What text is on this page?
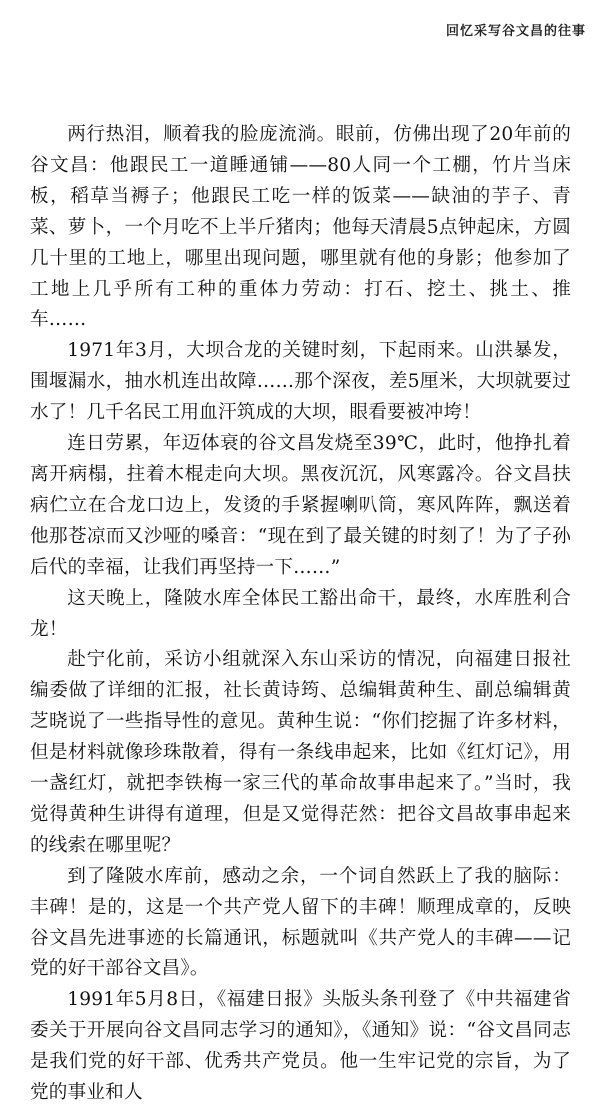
回忆采写谷文昌的往事

两行热泪，顺着我的脸庞流淌。眼前，仿佛出现了20年前的谷文昌：他跟民工一道睡通铺——80人同一个工棚，竹片当床板，稻草当褥子；他跟民工吃一样的饭菜——缺油的芋子、青菜、萝卜，一个月吃不上半斤猪肉；他每天清晨5点钟起床，方圆几十里的工地上，哪里出现问题，哪里就有他的身影；他参加了工地上几乎所有工种的重体力劳动：打石、挖土、挑土、推车……

1971年3月，大坝合龙的关键时刻，下起雨来。山洪暴发，围堰漏水，抽水机连出故障……那个深夜，差5厘米，大坝就要过水了！几千名民工用血汗筑成的大坝，眼看要被冲垮！

连日劳累，年迈体衰的谷文昌发烧至39℃，此时，他挣扎着离开病榻，拄着木棍走向大坝。黑夜沉沉，风寒露冷。谷文昌扶病伫立在合龙口边上，发烫的手紧握喇叭筒，寒风阵阵，飘送着他那苍凉而又沙哑的嗓音：“现在到了最关键的时刻了！为了子孙后代的幸福，让我们再坚持一下……”

这天晚上，隆陂水库全体民工豁出命干，最终，水库胜利合龙！

赴宁化前，采访小组就深入东山采访的情况，向福建日报社编委做了详细的汇报，社长黄诗筠、总编辑黄种生、副总编辑黄芝晓说了一些指导性的意见。黄种生说：“你们挖掘了许多材料，但是材料就像珍珠散着，得有一条线串起来，比如《红灯记》，用一盏红灯，就把李铁梅一家三代的革命故事串起来了。”当时，我觉得黄种生讲得有道理，但是又觉得茫然：把谷文昌故事串起来的线索在哪里呢？

到了隆陂水库前，感动之余，一个词自然跃上了我的脑际：丰碑！是的，这是一个共产党人留下的丰碑！顺理成章的，反映谷文昌先进事迹的长篇通讯，标题就叫《共产党人的丰碑——记党的好干部谷文昌》。

1991年5月8日，《福建日报》头版头条刊登了《中共福建省委关于开展向谷文昌同志学习的通知》，《通知》说：“谷文昌同志是我们党的好干部、优秀共产党员。他一生牢记党的宗旨，为了党的事业和人
